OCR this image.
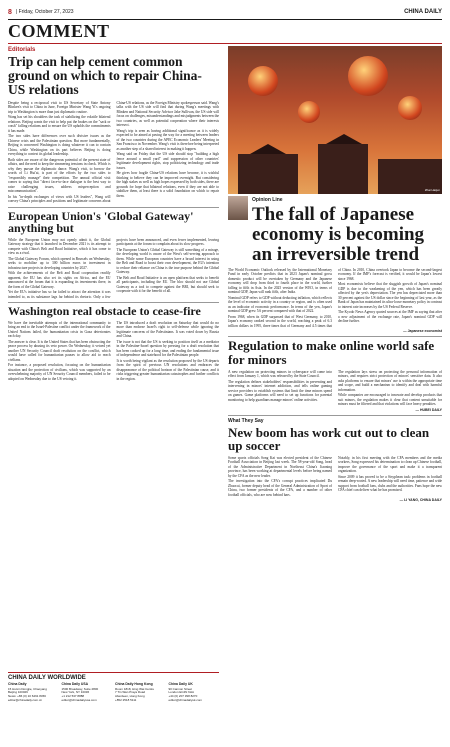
8 | Friday, October 27, 2023	CHINA DAILY
COMMENT
Editorials
Trip can help cement common ground on which to repair China-US relations

Despite being a reciprocal visit to US Secretary of State Antony Blinken's visit to China in June, Foreign Minister Wang Yi's ongoing trip to Washington is more than just diplomatic routine.

Wang has set his shoulders the task of stabilizing the volatile bilateral relations. Beijing wants the visit to help put the brakes on the "sack or crash" falling relations and to ensure the US upholds the commitments it has made.

The two sides have differences over such divisive issues as the Chinese crisis and the Palestinian question. But more fundamentally, Beijing is concerned Washington is doing whatever it can to contain China, while Washington on its part believes Beijing is doing everything to contest its global leadership.

Both sides are aware of the dangerous potential of the present state of affairs, and the need to keep the simmering tensions in check. Which is why they pursue the diplomatic dance. Wang's visit, to borrow the words of Li Hui'ai, is part of the efforts by the two sides to "responsibly manage" their competition. The annual official visit comes to saying that "direct face-to-face dialogue is the best way to raise challenging issues, address misperception and miscommunication".

In his "in-depth exchanges of views with US leaders", Wang will convey China's principles and positions and legitimate concerns about China-US relations, as the Foreign Ministry spokesperson said. Wang's talks with the US side will find that during Wang's meetings with Blinken and National Security Advisor Jake Sullivan, the US side will focus on challenges, misunderstandings and misjudgments between the two countries, as well as potential cooperation where their interests intersect.

Wang's trip is seen as having additional significance as it is widely expected to be aimed at paving the way for a meeting between leaders of the two countries during the APEC Economic Leaders' Meeting in San Francisco in November. Wang's visit is therefore being interpreted as another step of a shared interest in making it happen.

Wang said on Friday that the US side should stop "building a high fence around a small yard" and suppression of other countries' legitimate development rights, stop politicizing technology and trade issues.

He gives how fragile China-US relations have become, it is wishful thinking to believe they can be improved overnight. But considering the high stakes as well as high hopes expressed by both sides, there are grounds for hope that bilateral relations, even if they are not able to stabilize them, at least there is a solid foundation on which to repair them.

European Union's 'Global Gateway' anything but

While the European Union may not openly admit it, the Global Gateway strategy that it launched in December 2021 is its attempt to compete with China's Belt and Road Initiative, which it has come to view as a rival.

The Global Gateway Forum, which opened in Brussels on Wednesday, seeks to mobilize up to 300 billion euros in investment in infrastructure projects in developing countries by 2027.

With the achievements of the Belt and Road cooperation readily apparent, the EU has also set its sights on Africa, and the EU announced at the forum that it is expanding its investments there, in the form of the Global Gateway.

Yet the EU's initiative has so far failed to attract the attention it was intended to, as its substance lags far behind its rhetoric. Only a few projects have been announced, and even fewer implemented, leaving participants at the forum to complain about its slow progress.

The European Union's Global Gateway is still something of a mirage, the developing world is aware of the West's self-serving approach to them. While some European countries have a broad interest in using the Belt and Road to boost their own development, the EU's intention to reduce their reliance on China is the true purpose behind the Global Gateway.

The Belt and Road Initiative is an open platform that seeks to benefit all participants, including the EU. The bloc should not use Global Gateway as a tool to compete against the BRI, but should seek to cooperate with it for the benefit of all.

Washington real obstacle to cease-fire

We have the inevitable attempts of the international community to bring an end to the Israel-Palestine conflict under the framework of the United Nations failed, the humanitarian crisis in Gaza deteriorates each day.

The answer is clear. It is the United States that has been obstructing the peace process by abusing its veto power. On Wednesday, it vetoed yet another UN Security Council draft resolution on the conflict, which would have called for humanitarian pauses to allow aid to reach civilians.

For instance, a proposed resolution, focusing on the humanitarian situation and the protection of civilians, which was supported by an overwhelming majority of UN Security Council members, failed to be adopted on Wednesday due to the US vetoing it.

The US introduced a draft resolution on Saturday that would do no more than endorse Israel's right to self-defense while ignoring the legitimate concerns of the Palestinians. It was voted down by Russia and China.

The issue is not that the US is seeking to position itself as a mediator in the Palestine-Israel question by pressing for a draft resolution that has been cooked up for a long time, and ending the fundamental issue of independence and statehood for the Palestinian people.

It is worth being vigilant as the resolution proposed by the US departs from the spirit of previous UN resolutions and embraces the disappearance of the political horizon of the Palestinian cause, and it risks triggering greater humanitarian catastrophes and further conflicts in the region.

CHINA DAILY WORLDWIDE
China Daily
15 Huixin Dongjie, Chaoyang
Beijing 100029
News: +86 (0) 10 6491 8366
editor@chinadaily.com.cn
China Daily USA
1500 Broadway, Suite 2800
New York, NY 10036
+1 212 537 8888
editor@chinadailyusa.com
China Daily Hong Kong
Room 1818, Hing Wai Centre
7 Tin Wan Praya Road
Aberdeen, Hong Kong
+852 2518 5111
China Daily UK
90 Cannon Street
London EC4N 6HA
+44 (0) 207 398 8270
editor@chinadailyuk.com
Zhai Haijun
Opinion Line
The fall of Japanese economy is becoming an irreversible trend

The World Economic Outlook released by the International Monetary Fund in early October predicts that in 2023 Japan's nominal gross domestic product will be overtaken by Germany and the Japanese economy will drop from third to fourth place in the world, further falling to fifth in Asia. In the 2025 version of the WEO, in terms of nominal GDP, Japan will rank fifth, after India.

Nominal GDP refers to GDP without deducting inflation, which reflects the level of economic activity in a country or region, and is often used as an indicator of economic performance. In terms of the yen, Japan's nominal GDP grew 5.6 percent compared with that of 2022.

From 1968, when its GDP surpassed that of West Germany, to 2010, Japan's economy ranked second in the world, reaching a peak of 6.3 trillion dollars in 1995, three times that of Germany and 4.5 times that of China. In 2010, China overtook Japan to become the second-largest economy. If the IMF's forecast is verified, it would be Japan's lowest since 1968.

Most economists believe that the sluggish growth of Japan's nominal GDP is due to the weakening of the yen, which has been greatly affected by the yen's depreciation. The yen has depreciated more than 30 percent against the US dollar since the beginning of last year, as the Bank of Japan has maintained its ultra-loose monetary policy in contrast to interest rate increases by the US Federal Reserve.

The Kyodo News Agency quoted sources at the IMF as saying that after a new adjustment of the exchange rate, Japan's nominal GDP will decline further.

— Japanese economist
Regulation to make online world safe for minors

A new regulation on protecting minors in cyberspace will come into effect from January 1, which was released by the State Council.

The regulation defines stakeholders' responsibilities in preventing and intervening in minors' internet addiction, and tells online gaming service providers to establish systems that limit the time minors spend on games. Game platforms will need to set up functions for parental monitoring to help guardians manage minors' online activities.

The regulation lays stress on protecting the personal information of minors, and requires strict protection of minors' sensitive data. It also asks platforms to ensure that minors' use is within the appropriate time and scope, and build a mechanism to identify and deal with harmful information.

While companies are encouraged to innovate and develop products that suit minors, the regulation makes it clear that content unsuitable for minors must be filtered and that violations will face heavy penalties.

— HUBEI DAILY
What They Say
New boom has work cut out to clean up soccer

Some sports officials Song Kai was elected president of the Chinese Football Association in Beijing last week. The 58-year-old Song, head of the Administrative Department in Northeast China's Jiaoning province, has been working at departmental levels before being named by the CFA as the new leader.

The investigation into the CFA's corrupt practices implicated Du Zhaocai, former deputy head of the General Administration of Sport of China, two former presidents of the CFA, and a number of other football officials, who are now behind bars.

Notably, in his first meeting with the CFA members and the media workers, Song expressed his determination to clean up Chinese football, improve the governance of the sport and make it a transparent organization.

Since 2009 it has proved to be a Sisyphean task: problems in football remain deep-rooted. A new leadership will need time, patience and wide support from football fans, clubs and the authorities. Fans hope the new CFA chief can deliver what he has promised.

— LI YANG, CHINA DAILY
